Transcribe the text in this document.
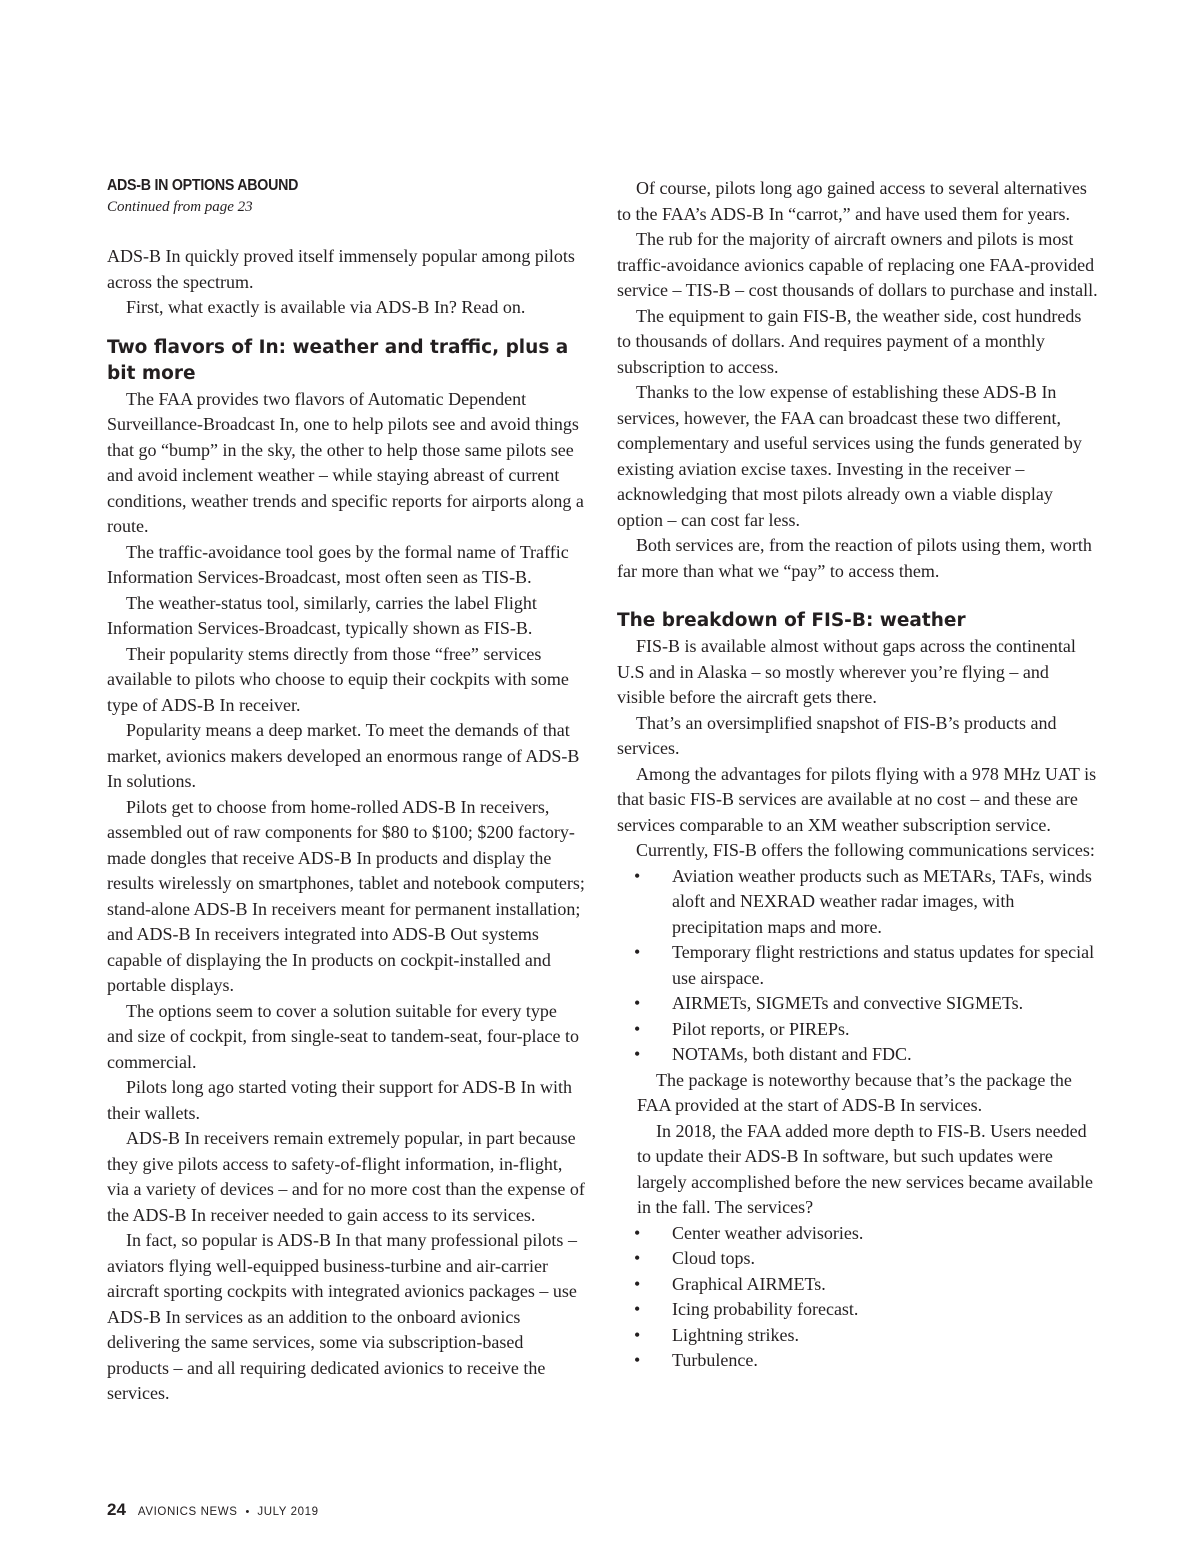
ADS-B IN OPTIONS ABOUND
Continued from page 23

ADS-B In quickly proved itself immensely popular among pilots across the spectrum.

First, what exactly is available via ADS-B In? Read on.

Two flavors of In: weather and traffic, plus a bit more

The FAA provides two flavors of Automatic Dependent Surveillance-Broadcast In, one to help pilots see and avoid things that go “bump” in the sky, the other to help those same pilots see and avoid inclement weather – while staying abreast of current conditions, weather trends and specific reports for airports along a route.

The traffic-avoidance tool goes by the formal name of Traffic Information Services-Broadcast, most often seen as TIS-B.

The weather-status tool, similarly, carries the label Flight Information Services-Broadcast, typically shown as FIS-B.

Their popularity stems directly from those “free” services available to pilots who choose to equip their cockpits with some type of ADS-B In receiver.

Popularity means a deep market. To meet the demands of that market, avionics makers developed an enormous range of ADS-B In solutions.

Pilots get to choose from home-rolled ADS-B In receivers, assembled out of raw components for $80 to $100; $200 factory-made dongles that receive ADS-B In products and display the results wirelessly on smartphones, tablet and notebook computers; stand-alone ADS-B In receivers meant for permanent installation; and ADS-B In receivers integrated into ADS-B Out systems capable of displaying the In products on cockpit-installed and portable displays.

The options seem to cover a solution suitable for every type and size of cockpit, from single-seat to tandem-seat, four-place to commercial.

Pilots long ago started voting their support for ADS-B In with their wallets.

ADS-B In receivers remain extremely popular, in part because they give pilots access to safety-of-flight information, in-flight, via a variety of devices – and for no more cost than the expense of the ADS-B In receiver needed to gain access to its services.

In fact, so popular is ADS-B In that many professional pilots – aviators flying well-equipped business-turbine and air-carrier aircraft sporting cockpits with integrated avionics packages – use ADS-B In services as an addition to the onboard avionics delivering the same services, some via subscription-based products – and all requiring dedicated avionics to receive the services.

Of course, pilots long ago gained access to several alternatives to the FAA’s ADS-B In “carrot,” and have used them for years.

The rub for the majority of aircraft owners and pilots is most traffic-avoidance avionics capable of replacing one FAA-provided service – TIS-B – cost thousands of dollars to purchase and install.

The equipment to gain FIS-B, the weather side, cost hundreds to thousands of dollars. And requires payment of a monthly subscription to access.

Thanks to the low expense of establishing these ADS-B In services, however, the FAA can broadcast these two different, complementary and useful services using the funds generated by existing aviation excise taxes. Investing in the receiver – acknowledging that most pilots already own a viable display option – can cost far less.

Both services are, from the reaction of pilots using them, worth far more than what we “pay” to access them.

The breakdown of FIS-B: weather

FIS-B is available almost without gaps across the continental U.S and in Alaska – so mostly wherever you’re flying – and visible before the aircraft gets there.

That’s an oversimplified snapshot of FIS-B’s products and services.

Among the advantages for pilots flying with a 978 MHz UAT is that basic FIS-B services are available at no cost – and these are services comparable to an XM weather subscription service.

Currently, FIS-B offers the following communications services:

• Aviation weather products such as METARs, TAFs, winds aloft and NEXRAD weather radar images, with precipitation maps and more.
• Temporary flight restrictions and status updates for special use airspace.
• AIRMETs, SIGMETs and convective SIGMETs.
• Pilot reports, or PIREPs.
• NOTAMs, both distant and FDC.

The package is noteworthy because that’s the package the FAA provided at the start of ADS-B In services.

In 2018, the FAA added more depth to FIS-B. Users needed to update their ADS-B In software, but such updates were largely accomplished before the new services became available in the fall. The services?

• Center weather advisories.
• Cloud tops.
• Graphical AIRMETs.
• Icing probability forecast.
• Lightning strikes.
• Turbulence.
24 AVIONICS NEWS • JULY 2019
